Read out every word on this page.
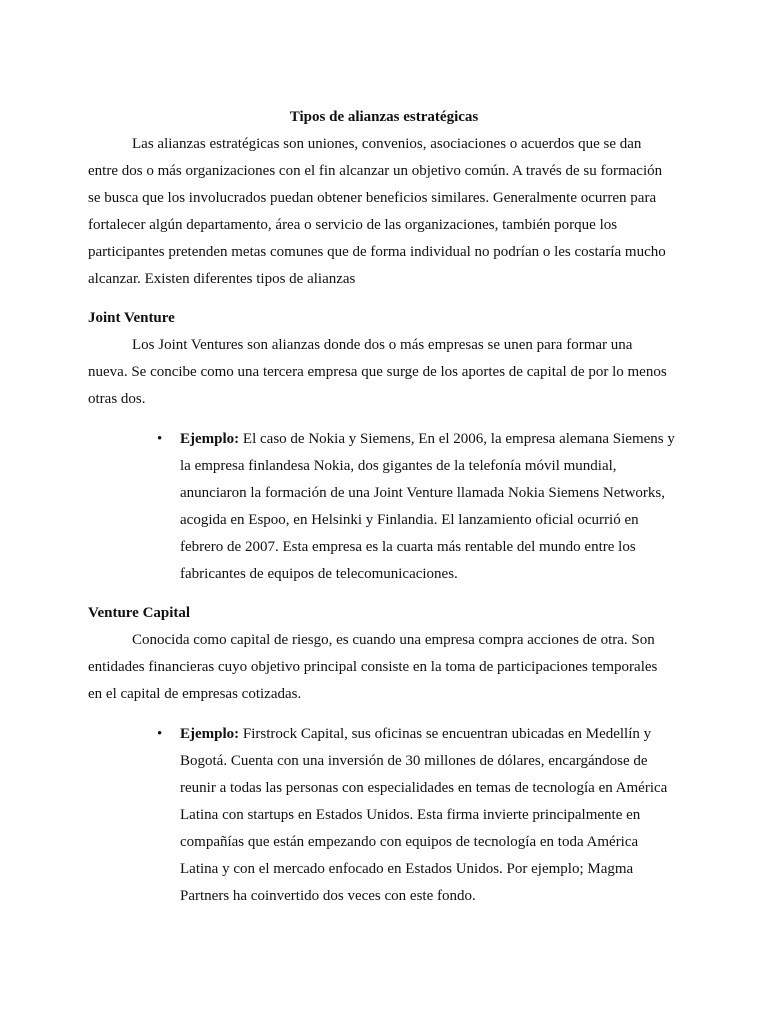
Tipos de alianzas estratégicas
Las alianzas estratégicas son uniones, convenios, asociaciones o acuerdos que se dan
entre dos o más organizaciones con el fin alcanzar un objetivo común. A través de su formación
se busca que los involucrados puedan obtener beneficios similares. Generalmente ocurren para
fortalecer algún departamento, área o servicio de las organizaciones, también porque los
participantes pretenden metas comunes que de forma individual no podrían o les costaría mucho
alcanzar. Existen diferentes tipos de alianzas
Joint Venture
Los Joint Ventures son alianzas donde dos o más empresas se unen para formar una
nueva. Se concibe como una tercera empresa que surge de los aportes de capital de por lo menos
otras dos.
• Ejemplo: El caso de Nokia y Siemens, En el 2006, la empresa alemana Siemens y
la empresa finlandesa Nokia, dos gigantes de la telefonía móvil mundial,
anunciaron la formación de una Joint Venture llamada Nokia Siemens Networks,
acogida en Espoo, en Helsinki y Finlandia. El lanzamiento oficial ocurrió en
febrero de 2007. Esta empresa es la cuarta más rentable del mundo entre los
fabricantes de equipos de telecomunicaciones.
Venture Capital
Conocida como capital de riesgo, es cuando una empresa compra acciones de otra. Son
entidades financieras cuyo objetivo principal consiste en la toma de participaciones temporales
en el capital de empresas cotizadas.
• Ejemplo: Firstrock Capital, sus oficinas se encuentran ubicadas en Medellín y
Bogotá. Cuenta con una inversión de 30 millones de dólares, encargándose de
reunir a todas las personas con especialidades en temas de tecnología en América
Latina con startups en Estados Unidos. Esta firma invierte principalmente en
compañías que están empezando con equipos de tecnología en toda América
Latina y con el mercado enfocado en Estados Unidos. Por ejemplo; Magma
Partners ha coinvertido dos veces con este fondo.
